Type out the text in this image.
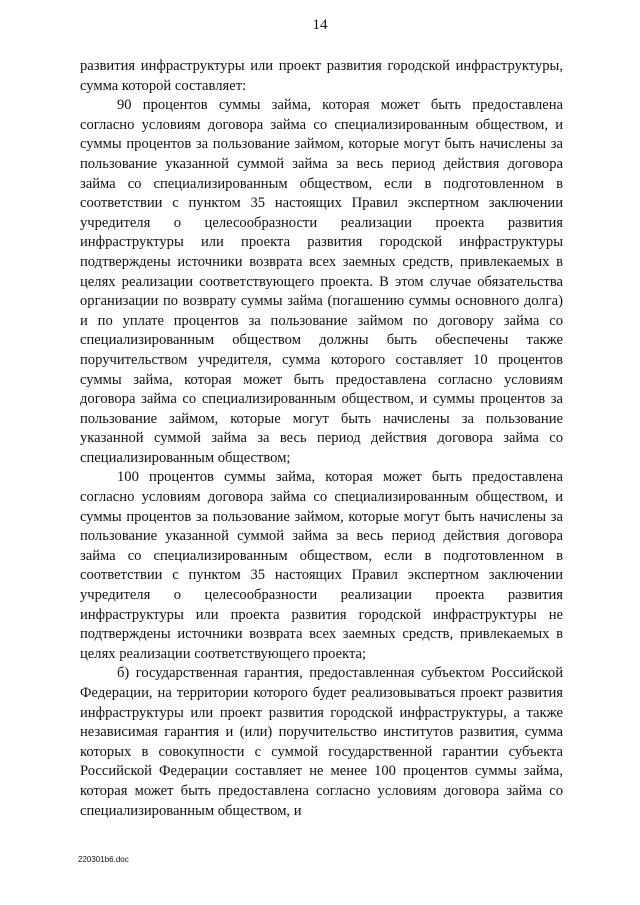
14

развития инфраструктуры или проект развития городской инфраструктуры, сумма которой составляет:

90 процентов суммы займа, которая может быть предоставлена согласно условиям договора займа со специализированным обществом, и суммы процентов за пользование займом, которые могут быть начислены за пользование указанной суммой займа за весь период действия договора займа со специализированным обществом, если в подготовленном в соответствии с пунктом 35 настоящих Правил экспертном заключении учредителя о целесообразности реализации проекта развития инфраструктуры или проекта развития городской инфраструктуры подтверждены источники возврата всех заемных средств, привлекаемых в целях реализации соответствующего проекта. В этом случае обязательства организации по возврату суммы займа (погашению суммы основного долга) и по уплате процентов за пользование займом по договору займа со специализированным обществом должны быть обеспечены также поручительством учредителя, сумма которого составляет 10 процентов суммы займа, которая может быть предоставлена согласно условиям договора займа со специализированным обществом, и суммы процентов за пользование займом, которые могут быть начислены за пользование указанной суммой займа за весь период действия договора займа со специализированным обществом;

100 процентов суммы займа, которая может быть предоставлена согласно условиям договора займа со специализированным обществом, и суммы процентов за пользование займом, которые могут быть начислены за пользование указанной суммой займа за весь период действия договора займа со специализированным обществом, если в подготовленном в соответствии с пунктом 35 настоящих Правил экспертном заключении учредителя о целесообразности реализации проекта развития инфраструктуры или проекта развития городской инфраструктуры не подтверждены источники возврата всех заемных средств, привлекаемых в целях реализации соответствующего проекта;

б) государственная гарантия, предоставленная субъектом Российской Федерации, на территории которого будет реализовываться проект развития инфраструктуры или проект развития городской инфраструктуры, а также независимая гарантия и (или) поручительство институтов развития, сумма которых в совокупности с суммой государственной гарантии субъекта Российской Федерации составляет не менее 100 процентов суммы займа, которая может быть предоставлена согласно условиям договора займа со специализированным обществом, и

220301b6.doc
